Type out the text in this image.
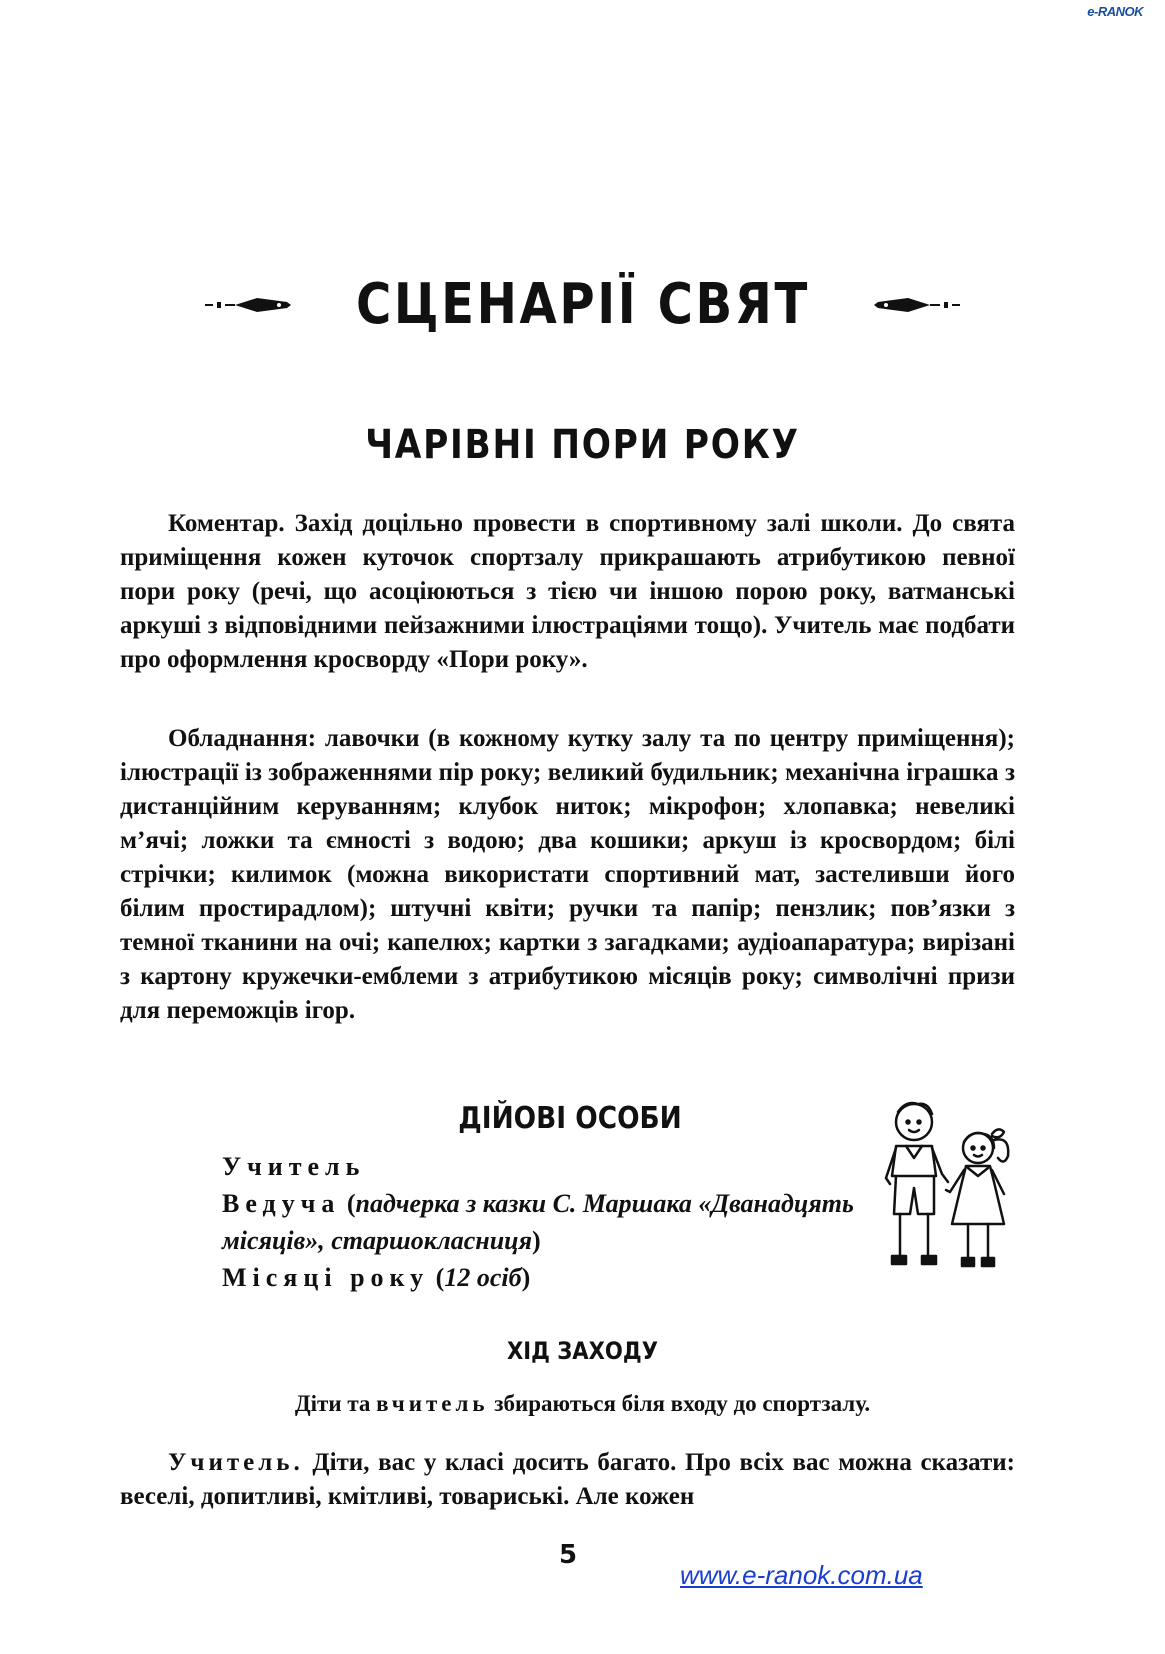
e-RANOK
СЦЕНАРІЇ СВЯТ
ЧАРІВНІ ПОРИ РОКУ

Коментар. Захід доцільно провести в спортивному залі школи. До свята приміщення кожен куточок спортзалу прикрашають атрибутикою певної пори року (речі, що асоціюються з тією чи іншою порою року, ватманські аркуші з відповідними пейзажними ілюстраціями тощо). Учитель має подбати про оформлення кросворду «Пори року».

Обладнання: лавочки (в кожному кутку залу та по центру приміщення); ілюстрації із зображеннями пір року; великий будильник; механічна іграшка з дистанційним керуванням; клубок ниток; мікрофон; хлопавка; невеликі м’ячі; ложки та ємності з водою; два кошики; аркуш із кросвордом; білі стрічки; килимок (можна використати спортивний мат, застеливши його білим простирадлом); штучні квіти; ручки та папір; пензлик; пов’язки з темної тканини на очі; капелюх; картки з загадками; аудіоапаратура; вирізані з картону кружечки-емблеми з атрибутикою місяців року; символічні призи для переможців ігор.

ДІЙОВІ ОСОБИ
Учитель
Ведуча (падчерка з казки С. Маршака «Дванадцять місяців», старшокласниця)
Місяці року (12 осіб)
ХІД ЗАХОДУ
Діти та вчитель збираються біля входу до спортзалу.

Учитель. Діти, вас у класі досить багато. Про всіх вас можна сказати: веселі, допитливі, кмітливі, товариські. Але кожен

5
www.e-ranok.com.ua
